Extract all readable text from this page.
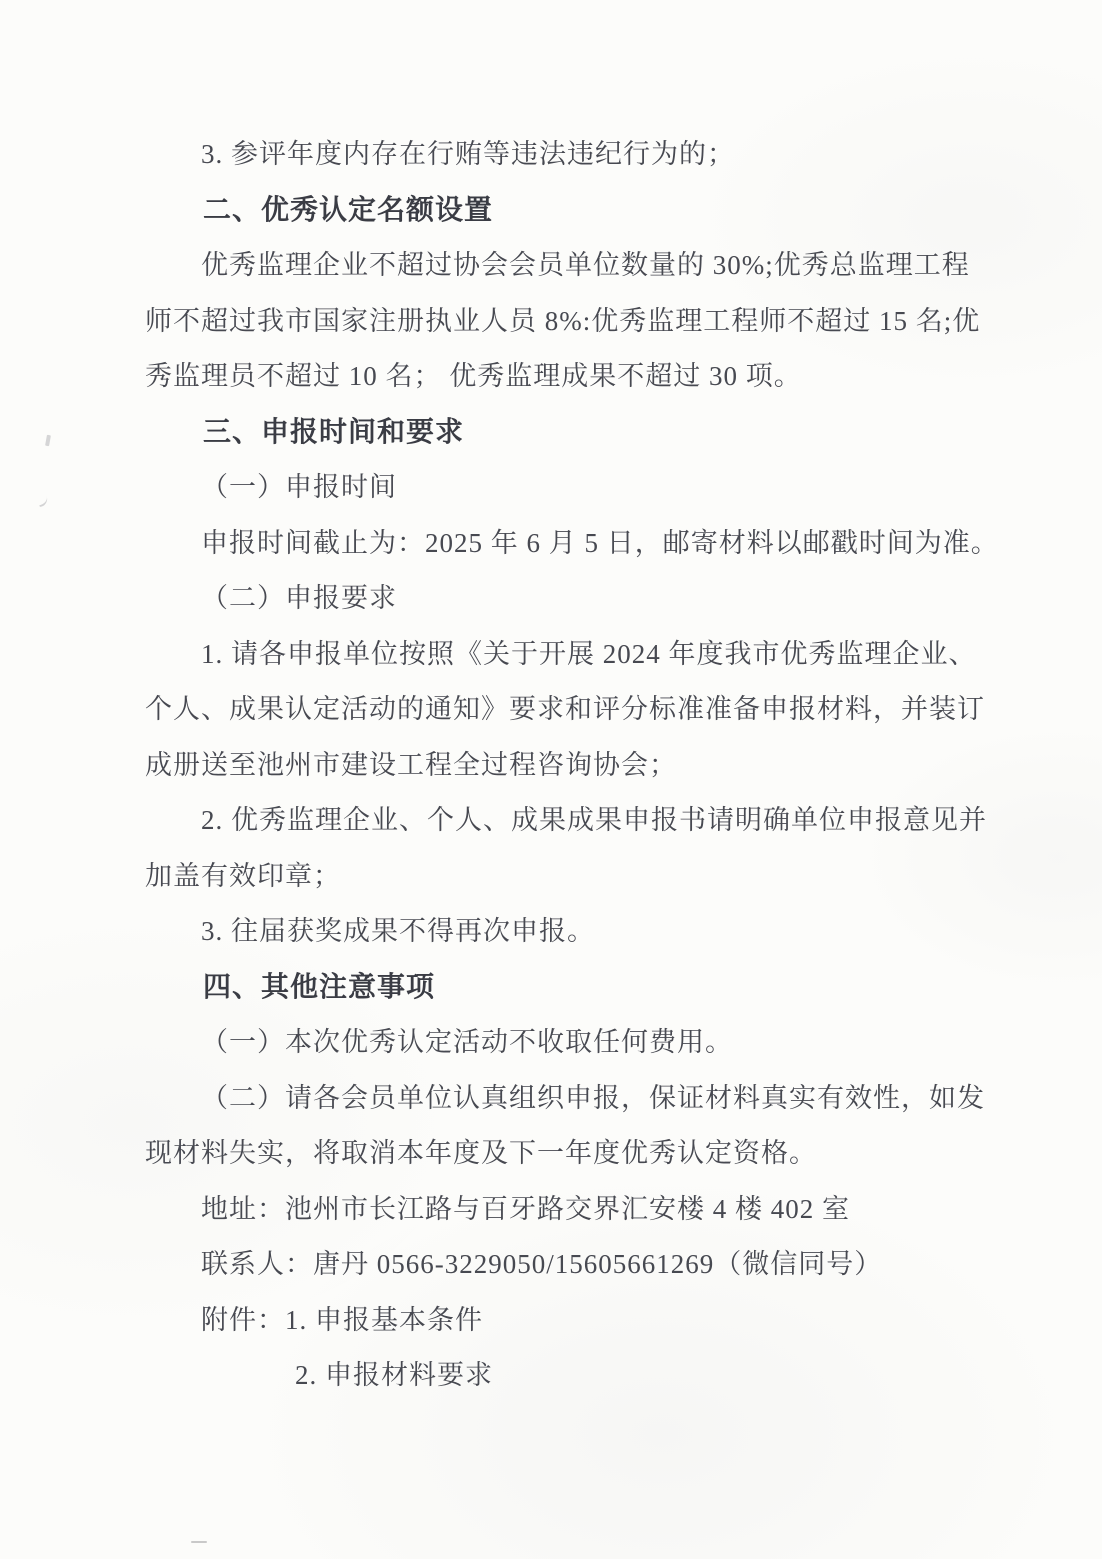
3. 参评年度内存在行贿等违法违纪行为的；
二、优秀认定名额设置
优秀监理企业不超过协会会员单位数量的 30%;优秀总监理工程
师不超过我市国家注册执业人员 8%:优秀监理工程师不超过 15 名;优
秀监理员不超过 10 名； 优秀监理成果不超过 30 项。
三、申报时间和要求
（一）申报时间
申报时间截止为：2025 年 6 月 5 日，邮寄材料以邮戳时间为准。
（二）申报要求
1. 请各申报单位按照《关于开展 2024 年度我市优秀监理企业、
个人、成果认定活动的通知》要求和评分标准准备申报材料，并装订
成册送至池州市建设工程全过程咨询协会；
2. 优秀监理企业、个人、成果成果申报书请明确单位申报意见并
加盖有效印章；
3. 往届获奖成果不得再次申报。
四、其他注意事项
（一）本次优秀认定活动不收取任何费用。
（二）请各会员单位认真组织申报，保证材料真实有效性，如发
现材料失实，将取消本年度及下一年度优秀认定资格。
地址：池州市长江路与百牙路交界汇安楼 4 楼 402 室
联系人：唐丹 0566-3229050/15605661269（微信同号）
附件：1. 申报基本条件
2. 申报材料要求
